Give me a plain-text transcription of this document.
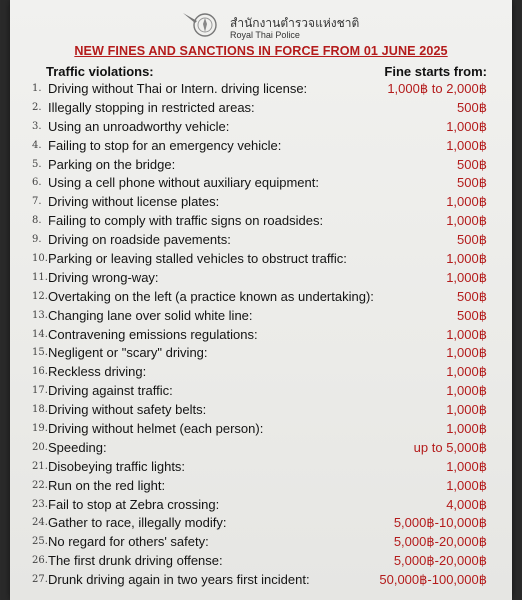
สำนักงานตำรวจแห่งชาติ
Royal Thai Police
NEW FINES AND SANCTIONS IN FORCE FROM 01 JUNE 2025
Traffic violations:	Fine starts from:
1. Driving without Thai or Intern. driving license:	1,000฿ to 2,000฿
2. Illegally stopping in restricted areas:	500฿
3. Using an unroadworthy vehicle:	1,000฿
4. Failing to stop for an emergency vehicle:	1,000฿
5. Parking on the bridge:	500฿
6. Using a cell phone without auxiliary equipment:	500฿
7. Driving without license plates:	1,000฿
8. Failing to comply with traffic signs on roadsides:	1,000฿
9. Driving on roadside pavements:	500฿
10. Parking or leaving stalled vehicles to obstruct traffic:	1,000฿
11. Driving wrong-way:	1,000฿
12. Overtaking on the left (a practice known as undertaking):	500฿
13. Changing lane over solid white line:	500฿
14. Contravening emissions regulations:	1,000฿
15. Negligent or "scary" driving:	1,000฿
16. Reckless driving:	1,000฿
17. Driving against traffic:	1,000฿
18. Driving without safety belts:	1,000฿
19. Driving without helmet (each person):	1,000฿
20. Speeding:	up to 5,000฿
21. Disobeying traffic lights:	1,000฿
22. Run on the red light:	1,000฿
23. Fail to stop at Zebra crossing:	4,000฿
24. Gather to race, illegally modify:	5,000฿-10,000฿
25. No regard for others' safety:	5,000฿-20,000฿
26. The first drunk driving offense:	5,000฿-20,000฿
27. Drunk driving again in two years first incident:	50,000฿-100,000฿
